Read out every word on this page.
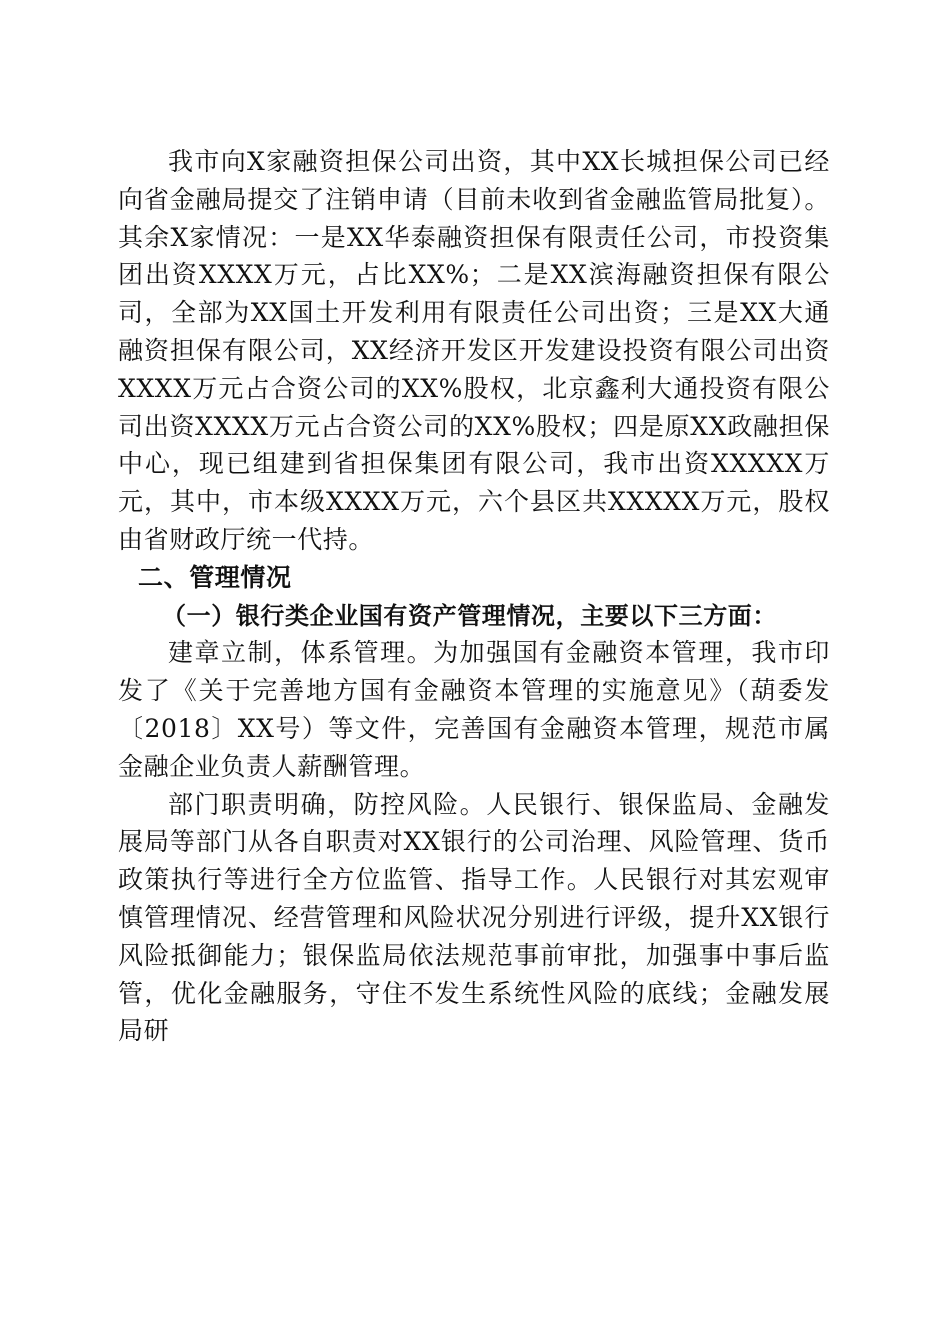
我市向X家融资担保公司出资，其中XX长城担保公司已经向省金融局提交了注销申请（目前未收到省金融监管局批复）。其余X家情况：一是XX华泰融资担保有限责任公司，市投资集团出资XXXX万元，占比XX%；二是XX滨海融资担保有限公司，全部为XX国土开发利用有限责任公司出资；三是XX大通融资担保有限公司，XX经济开发区开发建设投资有限公司出资XXXX万元占合资公司的XX%股权，北京鑫利大通投资有限公司出资XXXX万元占合资公司的XX%股权；四是原XX政融担保中心，现已组建到省担保集团有限公司，我市出资XXXXX万元，其中，市本级XXXX万元，六个县区共XXXXX万元，股权由省财政厅统一代持。

二、管理情况
（一）银行类企业国有资产管理情况，主要以下三方面：

建章立制，体系管理。为加强国有金融资本管理，我市印发了《关于完善地方国有金融资本管理的实施意见》（葫委发〔2018〕XX号）等文件，完善国有金融资本管理，规范市属金融企业负责人薪酬管理。

部门职责明确，防控风险。人民银行、银保监局、金融发展局等部门从各自职责对XX银行的公司治理、风险管理、货币政策执行等进行全方位监管、指导工作。人民银行对其宏观审慎管理情况、经营管理和风险状况分别进行评级，提升XX银行风险抵御能力；银保监局依法规范事前审批，加强事中事后监管，优化金融服务，守住不发生系统性风险的底线；金融发展局研
